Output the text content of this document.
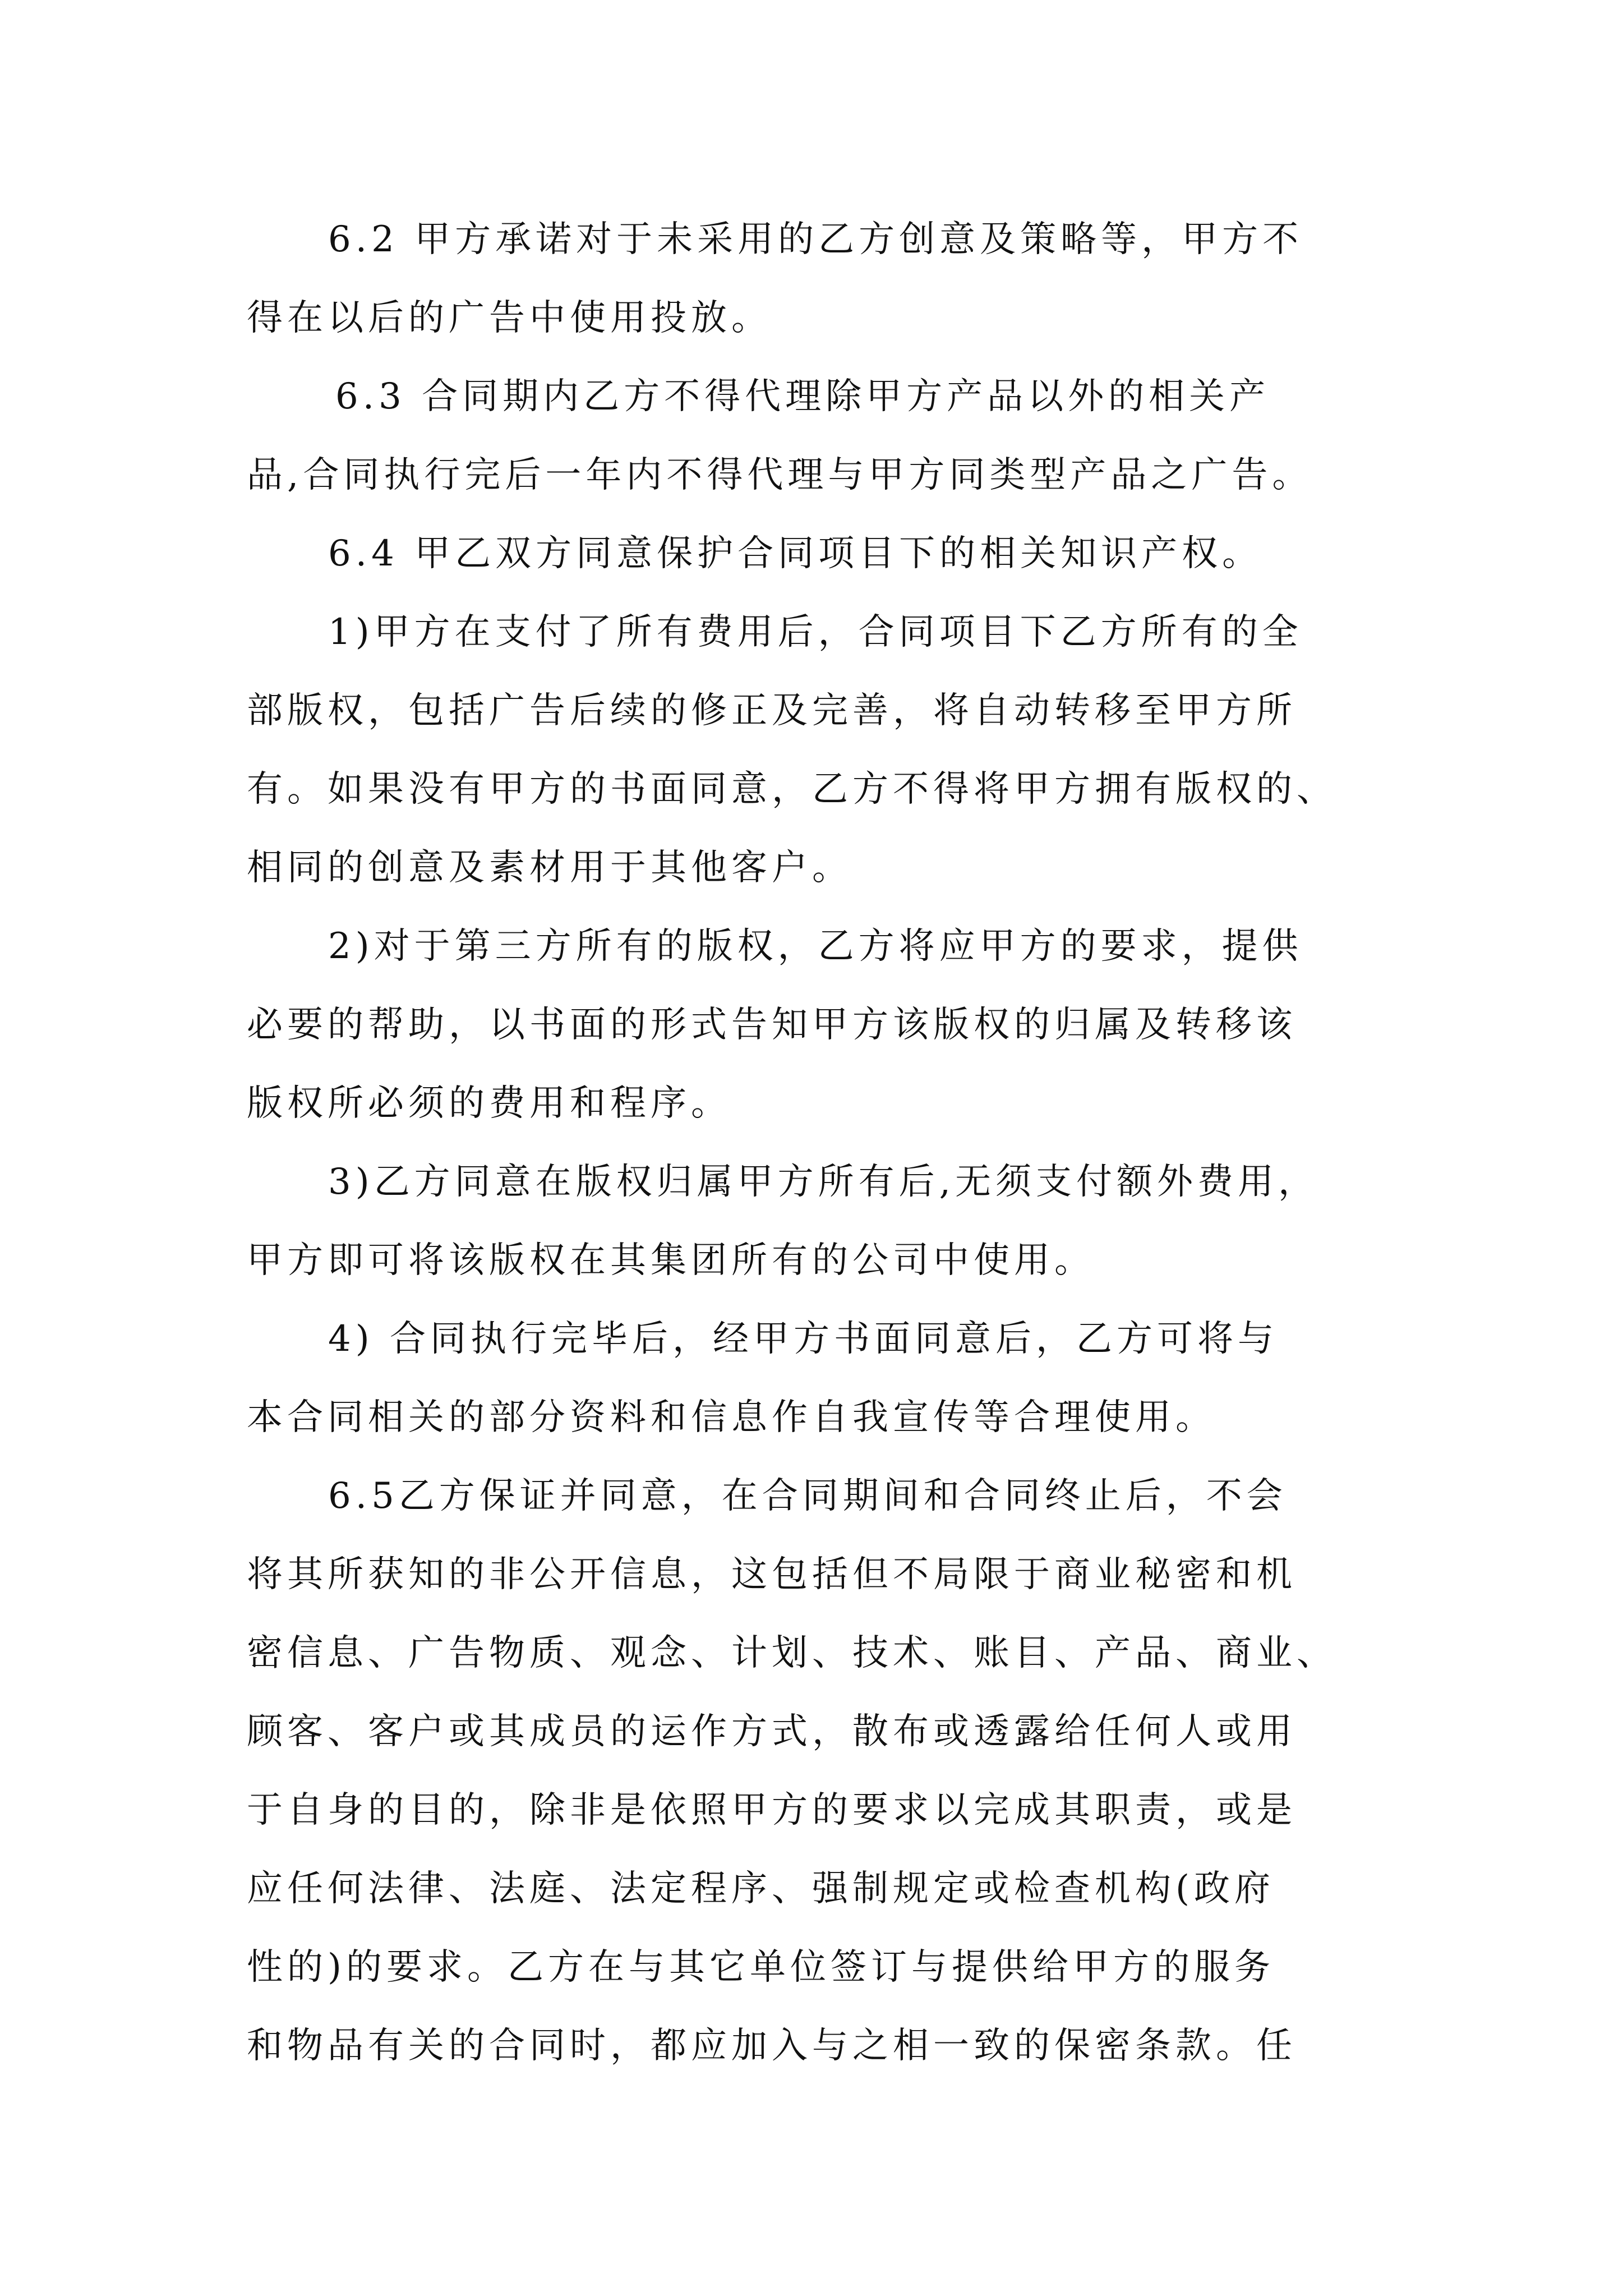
6.2 甲方承诺对于未采用的乙方创意及策略等，甲方不

得在以后的广告中使用投放。

6.3 合同期内乙方不得代理除甲方产品以外的相关产

品,合同执行完后一年内不得代理与甲方同类型产品之广告。

6.4 甲乙双方同意保护合同项目下的相关知识产权。

1)甲方在支付了所有费用后，合同项目下乙方所有的全

部版权，包括广告后续的修正及完善，将自动转移至甲方所

有。如果没有甲方的书面同意，乙方不得将甲方拥有版权的、

相同的创意及素材用于其他客户。

2)对于第三方所有的版权，乙方将应甲方的要求，提供

必要的帮助，以书面的形式告知甲方该版权的归属及转移该

版权所必须的费用和程序。

3)乙方同意在版权归属甲方所有后,无须支付额外费用，

甲方即可将该版权在其集团所有的公司中使用。

4) 合同执行完毕后，经甲方书面同意后，乙方可将与

本合同相关的部分资料和信息作自我宣传等合理使用。

6.5乙方保证并同意，在合同期间和合同终止后，不会

将其所获知的非公开信息，这包括但不局限于商业秘密和机

密信息、广告物质、观念、计划、技术、账目、产品、商业、

顾客、客户或其成员的运作方式，散布或透露给任何人或用

于自身的目的，除非是依照甲方的要求以完成其职责，或是

应任何法律、法庭、法定程序、强制规定或检查机构(政府

性的)的要求。乙方在与其它单位签订与提供给甲方的服务

和物品有关的合同时，都应加入与之相一致的保密条款。任
